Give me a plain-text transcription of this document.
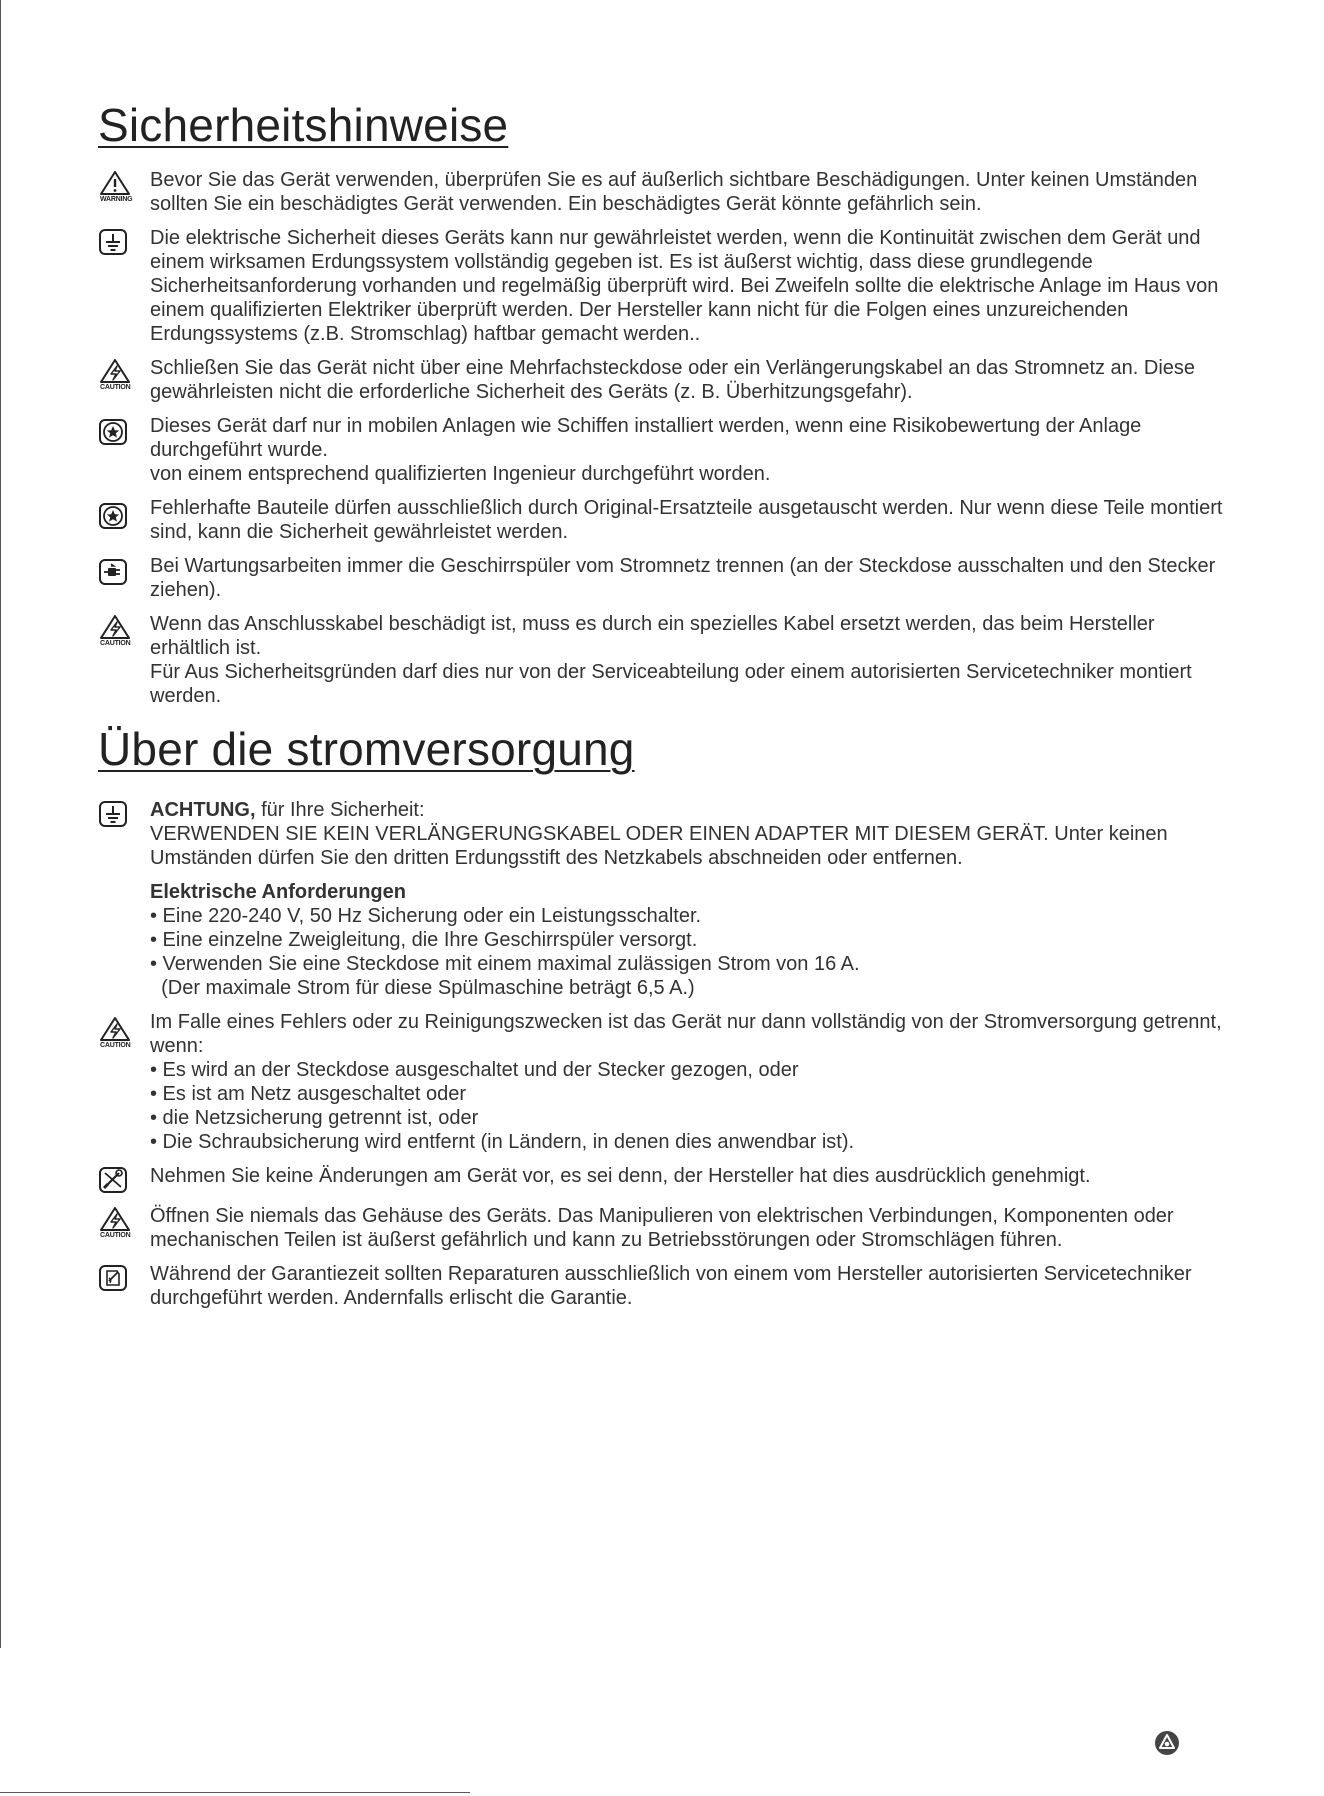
Sicherheitshinweise
WARNING

Bevor Sie das Gerät verwenden, überprüfen Sie es auf äußerlich sichtbare Beschädigungen. Unter keinen Umständen sollten Sie ein beschädigtes Gerät verwenden. Ein beschädigtes Gerät könnte gefährlich sein.

Die elektrische Sicherheit dieses Geräts kann nur gewährleistet werden, wenn die Kontinuität zwischen dem Gerät und einem wirksamen Erdungssystem vollständig gegeben ist. Es ist äußerst wichtig, dass diese grundlegende Sicherheitsanforderung vorhanden und regelmäßig überprüft wird. Bei Zweifeln sollte die elektrische Anlage im Haus von einem qualifizierten Elektriker überprüft werden. Der Hersteller kann nicht für die Folgen eines unzureichenden Erdungssystems (z.B. Stromschlag) haftbar gemacht werden..

CAUTION

Schließen Sie das Gerät nicht über eine Mehrfachsteckdose oder ein Verlängerungskabel an das Stromnetz an. Diese gewährleisten nicht die erforderliche Sicherheit des Geräts (z. B. Überhitzungsgefahr).

Dieses Gerät darf nur in mobilen Anlagen wie Schiffen installiert werden, wenn eine Risikobewertung der Anlage durchgeführt wurde.

von einem entsprechend qualifizierten Ingenieur durchgeführt worden.

Fehlerhafte Bauteile dürfen ausschließlich durch Original-Ersatzteile ausgetauscht werden. Nur wenn diese Teile montiert sind, kann die Sicherheit gewährleistet werden.

Bei Wartungsarbeiten immer die Geschirrspüler vom Stromnetz trennen (an der Steckdose ausschalten und den Stecker ziehen).

CAUTION

Wenn das Anschlusskabel beschädigt ist, muss es durch ein spezielles Kabel ersetzt werden, das beim Hersteller erhältlich ist.

Für Aus Sicherheitsgründen darf dies nur von der Serviceabteilung oder einem autorisierten Servicetechniker montiert werden.

Über die stromversorgung

ACHTUNG, für Ihre Sicherheit:

VERWENDEN SIE KEIN VERLÄNGERUNGSKABEL ODER EINEN ADAPTER MIT DIESEM GERÄT. Unter keinen Umständen dürfen Sie den dritten Erdungsstift des Netzkabels abschneiden oder entfernen.

Elektrische Anforderungen

• Eine 220-240 V, 50 Hz Sicherung oder ein Leistungsschalter.

• Eine einzelne Zweigleitung, die Ihre Geschirrspüler versorgt.

• Verwenden Sie eine Steckdose mit einem maximal zulässigen Strom von 16 A.

(Der maximale Strom für diese Spülmaschine beträgt 6,5 A.)

CAUTION

Im Falle eines Fehlers oder zu Reinigungszwecken ist das Gerät nur dann vollständig von der Stromversorgung getrennt, wenn:

• Es wird an der Steckdose ausgeschaltet und der Stecker gezogen, oder

• Es ist am Netz ausgeschaltet oder

• die Netzsicherung getrennt ist, oder

• Die Schraubsicherung wird entfernt (in Ländern, in denen dies anwendbar ist).

Nehmen Sie keine Änderungen am Gerät vor, es sei denn, der Hersteller hat dies ausdrücklich genehmigt.

CAUTION

Öffnen Sie niemals das Gehäuse des Geräts. Das Manipulieren von elektrischen Verbindungen, Komponenten oder mechanischen Teilen ist äußerst gefährlich und kann zu Betriebsstörungen oder Stromschlägen führen.

Während der Garantiezeit sollten Reparaturen ausschließlich von einem vom Hersteller autorisierten Servicetechniker durchgeführt werden. Andernfalls erlischt die Garantie.
